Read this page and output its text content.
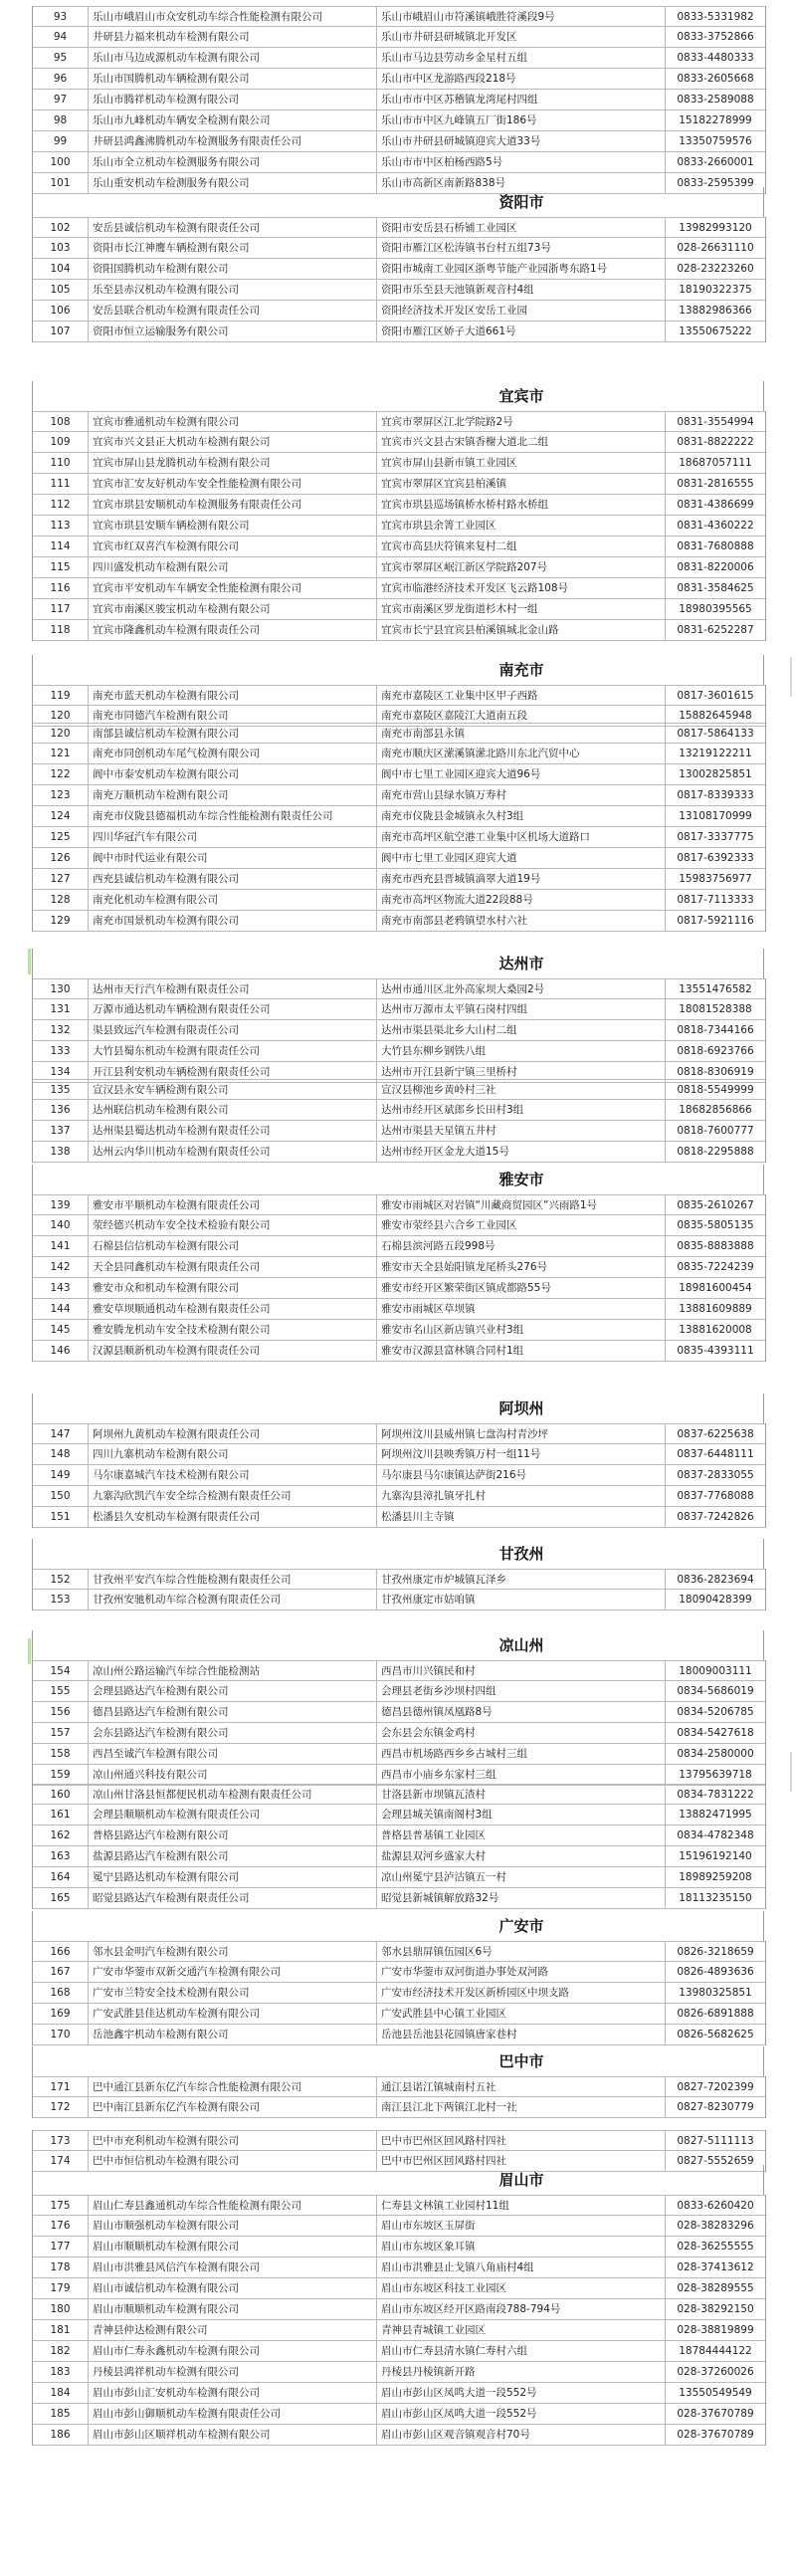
93	乐山市峨眉山市众安机动车综合性能检测有限公司	乐山市峨眉山市符溪镇峨胜符溪段9号	0833-5331982
94	井研县力福来机动车检测有限公司	乐山市井研县研城镇北开发区	0833-3752866
95	乐山市马边成源机动车检测有限公司	乐山市马边县劳动乡金星村五组	0833-4480333
96	乐山市国腾机动车辆检测有限公司	乐山市中区龙游路西段218号	0833-2605668
97	乐山市腾祥机动车检测有限公司	乐山市市中区苏稽镇龙湾尾村四组	0833-2589088
98	乐山市九峰机动车辆安全检测有限公司	乐山市市中区九峰镇五厂街186号	15182278999
99	井研县鸿鑫沸腾机动车检测服务有限责任公司	乐山市井研县研城镇迎宾大道33号	13350759576
100	乐山市全立机动车检测服务有限公司	乐山市市中区柏杨西路5号	0833-2660001
101	乐山重安机动车检测服务有限公司	乐山市高新区南新路838号	0833-2595399
资阳市
102	安岳县诚信机动车检测有限责任公司	资阳市安岳县石桥铺工业园区	13982993120
103	资阳市长江神鹰车辆检测有限公司	资阳市雁江区松涛镇书台村五组73号	028-26631110
104	资阳国腾机动车检测有限公司	资阳市城南工业园区浙粤节能产业园浙粤东路1号	028-23223260
105	乐至县赤汉机动车检测有限公司	资阳市乐至县天池镇新观音村4组	18190322375
106	安岳县联合机动车检测有限责任公司	资阳经济技术开发区安岳工业园	13882986366
107	资阳市恒立运输服务有限公司	资阳市雁江区娇子大道661号	13550675222
宜宾市
108	宜宾市雅通机动车检测有限公司	宜宾市翠屏区江北学院路2号	0831-3554994
109	宜宾市兴文县正大机动车检测有限公司	宜宾市兴文县古宋镇香榭大道北二组	0831-8822222
110	宜宾市屏山县龙腾机动车检测有限公司	宜宾市屏山县新市镇工业园区	18687057111
111	宜宾市汇安友好机动车安全性能检测有限公司	宜宾市翠屏区宜宾县柏溪镇	0831-2816555
112	宜宾市珙县安顺机动车检测服务有限责任公司	宜宾市珙县巡场镇桥水桥村路水桥组	0831-4386699
113	宜宾市珙县安顺车辆检测有限公司	宜宾市珙县余箐工业园区	0831-4360222
114	宜宾市红双喜汽车检测有限公司	宜宾市高县庆符镇来复村二组	0831-7680888
115	四川盛发机动车检测有限公司	宜宾市翠屏区岷江新区学院路207号	0831-8220006
116	宜宾市平安机动车车辆安全性能检测有限公司	宜宾市临港经济技术开发区飞云路108号	0831-3584625
117	宜宾市南溪区骏宝机动车检测有限公司	宜宾市南溪区罗龙街道杉木村一组	18980395565
118	宜宾市隆鑫机动车检测有限责任公司	宜宾市长宁县宜宾县柏溪镇城北金山路	0831-6252287
南充市
119	南充市蓝天机动车检测有限公司	南充市嘉陵区工业集中区甲子西路	0817-3601615
120	南充市同德汽车检测有限公司	南充市嘉陵区嘉陵江大道南五段	15882645948
120	南部县诚信机动车检测有限公司	南充市南部县永镇	0817-5864133
121	南充市同创机动车尾气检测有限公司	南充市顺庆区潆溪镇潆北路川东北汽贸中心	13219122211
122	阆中市泰安机动车检测有限公司	阆中市七里工业园区迎宾大道96号	13002825851
123	南充万顺机动车检测有限公司	南充市营山县绿水镇万寿村	0817-8339333
124	南充市仪陇县德福机动车综合性能检测有限责任公司	南充市仪陇县金城镇永久村3组	13108170999
125	四川华冠汽车有限公司	南充市高坪区航空港工业集中区机场大道路口	0817-3337775
126	阆中市时代运业有限公司	阆中市七里工业园区迎宾大道	0817-6392333
127	西充县诚信机动车检测有限公司	南充市西充县晋城镇滴翠大道19号	15983756977
128	南充化机动车检测有限公司	南充市高坪区物流大道22段88号	0817-7113333
129	南充市国景机动车检测有限公司	南充市南部县老鸦镇望水村六社	0817-5921116
达州市
130	达州市天行汽车检测有限责任公司	达州市通川区北外高家坝大桑园2号	13551476582
131	万源市通达机动车辆检测有限责任公司	达州市万源市太平镇石岗村四组	18081528388
132	渠县致远汽车检测有限责任公司	达州市渠县渠北乡大山村二组	0818-7344166
133	大竹县蜀东机动车检测有限责任公司	大竹县东柳乡钢铁八组	0818-6923766
134	开江县利安机动车辆检测有限责任公司	达州市开江县新宁镇三里桥村	0818-8306919
135	宣汉县永安车辆检测有限公司	宣汉县柳池乡黄岭村三社	0818-5549999
136	达州联信机动车检测有限公司	达州市经开区斌郎乡长田村3组	18682856866
137	达州渠县蜀达机动车检测有限责任公司	达州市渠县天星镇五井村	0818-7600777
138	达州云内华川机动车检测有限责任公司	达州市经开区金龙大道15号	0818-2295888
雅安市
139	雅安市平顺机动车检测有限责任公司	雅安市雨城区对岩镇“川藏商贸园区”兴雨路1号	0835-2610267
140	荥经德兴机动车安全技术检验有限公司	雅安市荥经县六合乡工业园区	0835-5805135
141	石棉县信信机动车检测有限公司	石棉县滨河路五段998号	0835-8883888
142	天全县同鑫机动车检测有限责任公司	雅安市天全县始阳镇龙尾桥头276号	0835-7224239
143	雅安市众和机动车检测有限公司	雅安市经开区繁荣街区镇成都路55号	18981600454
144	雅安草坝顺通机动车检测有限责任公司	雅安市雨城区草坝镇	13881609889
145	雅安腾龙机动车安全技术检测有限公司	雅安市名山区新店镇兴业村3组	13881620008
146	汉源县顺新机动车检测有限责任公司	雅安市汉源县富林镇合同村1组	0835-4393111
阿坝州
147	阿坝州九黄机动车检测有限责任公司	阿坝州汶川县威州镇七盘沟村青沙坪	0837-6225638
148	四川九寨机动车检测有限公司	阿坝州汶川县映秀镇万村一组11号	0837-6448111
149	马尔康嘉城汽车技术检测有限公司	马尔康县马尔康镇达萨街216号	0837-2833055
150	九寨沟欣凯汽车安全综合检测有限责任公司	九寨沟县漳扎镇牙扎村	0837-7768088
151	松潘县久安机动车检测有限责任公司	松潘县川主寺镇	0837-7242826
甘孜州
152	甘孜州平安汽车综合性能检测有限责任公司	甘孜州康定市炉城镇瓦泽乡	0836-2823694
153	甘孜州安驰机动车综合检测有限责任公司	甘孜州康定市姑咱镇	18090428399
凉山州
154	凉山州公路运输汽车综合性能检测站	西昌市川兴镇民和村	18009003111
155	会理县路达汽车检测有限公司	会理县老街乡沙坝村四组	0834-5686019
156	德昌县路达汽车检测有限公司	德昌县德州镇凤凰路8号	0834-5206785
157	会东县路达汽车检测有限公司	会东县会东镇金鸡村	0834-5427618
158	西昌至诚汽车检测有限公司	西昌市机场路西乡乡古城村三组	0834-2580000
159	凉山州通兴科技有限公司	西昌市小庙乡东家村三组	13795639718
160	凉山州甘洛县恒都便民机动车检测有限责任公司	甘洛县新市坝镇瓦渣村	0834-7831222
161	会理县顺顺机动车检测有限责任公司	会理县城关镇南阁村3组	13882471995
162	普格县路达汽车检测有限公司	普格县普基镇工业园区	0834-4782348
163	盐源县路达汽车检测有限公司	盐源县双河乡盛家大村	15196192140
164	冕宁县路达机动车检测有限公司	凉山州冕宁县泸沽镇五一村	18989259208
165	昭觉县路达汽车检测有限责任公司	昭觉县新城镇解放路32号	18113235150
广安市
166	邻水县金明汽车检测有限公司	邻水县鼎屏镇伍园区6号	0826-3218659
167	广安市华蓥市双新交通汽车检测有限公司	广安市华蓥市双河街道办事处双河路	0826-4893636
168	广安市兰特安全技术检测有限公司	广安市经济技术开发区新桥园区中坝支路	13980325851
169	广安武胜县佳达机动车检测有限公司	广安武胜县中心镇工业园区	0826-6891888
170	岳池鑫宇机动车检测有限公司	岳池县岳池县花园镇唐家巷村	0826-5682625
巴中市
171	巴中通江县新东亿汽车综合性能检测有限公司	通江县诺江镇城南村五社	0827-7202399
172	巴中南江县新东亿汽车检测有限公司	南江县江北下两镇江北村一社	0827-8230779
173	巴中市充利机动车检测有限公司	巴中市巴州区回风路村四社	0827-5111113
174	巴中市恒信机动车检测有限公司	巴中市巴州区回风路村四社	0827-5552659
眉山市
175	眉山仁寿县鑫通机动车综合性能检测有限公司	仁寿县文林镇工业园村11组	0833-6260420
176	眉山市顺强机动车检测有限公司	眉山市东坡区玉屏街	028-38283296
177	眉山市顺顺机动车检测有限公司	眉山市东坡区象耳镇	028-36255555
178	眉山市洪雅县风信汽车检测有限公司	眉山市洪雅县止戈镇八角庙村4组	028-37413612
179	眉山市诚信机动车检测有限公司	眉山市东坡区科技工业园区	028-38289555
180	眉山市顺顺机动车检测有限公司	眉山市东坡区经开区路南段788-794号	028-38292150
181	青神县仲达检测有限公司	青神县青城镇工业园区	028-38819899
182	眉山市仁寿永鑫机动车检测有限公司	眉山市仁寿县清水镇仁寿村六组	18784444122
183	丹棱县鸿祥机动车检测有限公司	丹棱县丹棱镇新开路	028-37260026
184	眉山市彭山汇安机动车检测有限公司	眉山市彭山区凤鸣大道一段552号	13550549549
185	眉山市彭山御顺机动车检测有限责任公司	眉山市彭山区凤鸣大道一段552号	028-37670789
186	眉山市彭山区顺祥机动车检测有限公司	眉山市彭山区观音镇观音村70号	028-37670789
